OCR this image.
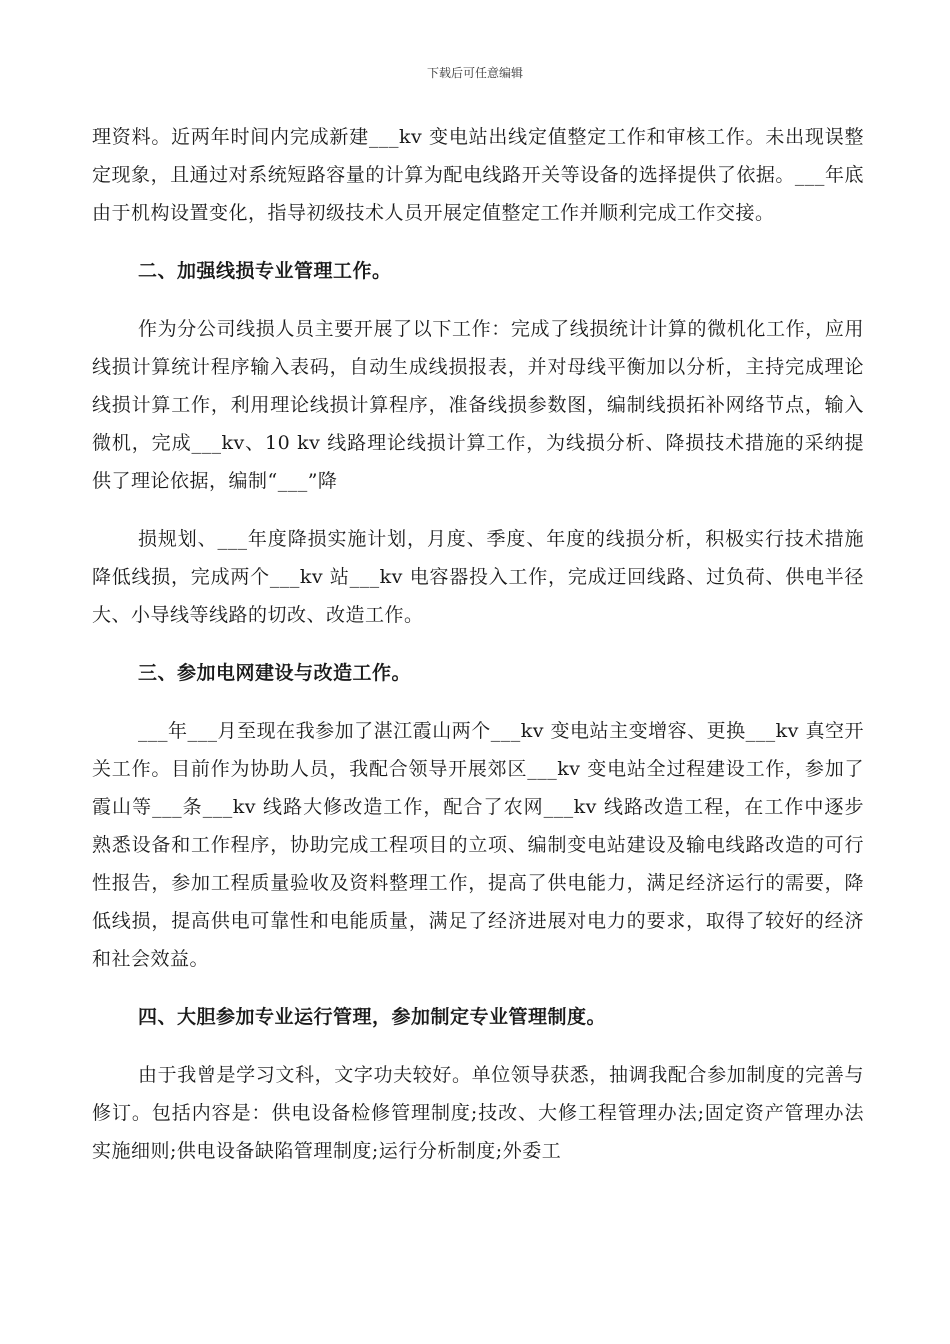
下载后可任意编辑

理资料。近两年时间内完成新建___kv 变电站出线定值整定工作和审核工作。未出现误整定现象，且通过对系统短路容量的计算为配电线路开关等设备的选择提供了依据。___年底由于机构设置变化，指导初级技术人员开展定值整定工作并顺利完成工作交接。

二、加强线损专业管理工作。

作为分公司线损人员主要开展了以下工作：完成了线损统计计算的微机化工作，应用线损计算统计程序输入表码，自动生成线损报表，并对母线平衡加以分析，主持完成理论线损计算工作，利用理论线损计算程序，准备线损参数图，编制线损拓补网络节点，输入微机，完成___kv、10 kv 线路理论线损计算工作，为线损分析、降损技术措施的采纳提供了理论依据，编制“___”降

损规划、___年度降损实施计划，月度、季度、年度的线损分析，积极实行技术措施降低线损，完成两个___kv 站___kv 电容器投入工作，完成迂回线路、过负荷、供电半径大、小导线等线路的切改、改造工作。

三、参加电网建设与改造工作。

___年___月至现在我参加了湛江霞山两个___kv 变电站主变增容、更换___kv 真空开关工作。目前作为协助人员，我配合领导开展郊区___kv 变电站全过程建设工作，参加了霞山等___条___kv 线路大修改造工作，配合了农网___kv 线路改造工程，在工作中逐步熟悉设备和工作程序，协助完成工程项目的立项、编制变电站建设及输电线路改造的可行性报告，参加工程质量验收及资料整理工作，提高了供电能力，满足经济运行的需要，降低线损，提高供电可靠性和电能质量，满足了经济进展对电力的要求，取得了较好的经济和社会效益。

四、大胆参加专业运行管理，参加制定专业管理制度。

由于我曾是学习文科，文字功夫较好。单位领导获悉，抽调我配合参加制度的完善与修订。包括内容是：供电设备检修管理制度;技改、大修工程管理办法;固定资产管理办法实施细则;供电设备缺陷管理制度;运行分析制度;外委工
